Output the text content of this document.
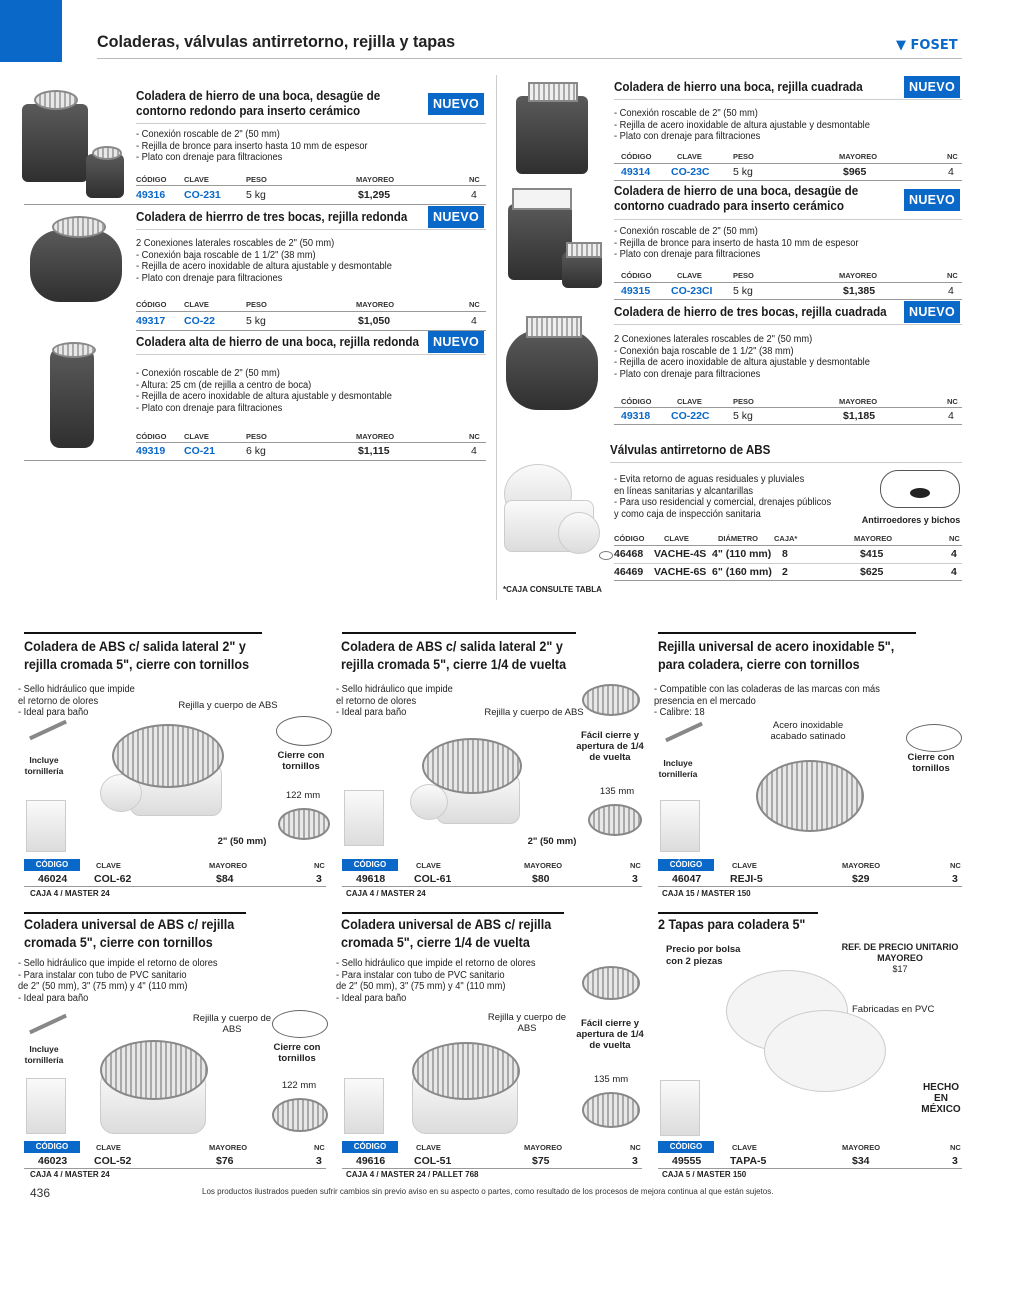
Coladeras, válvulas antirretorno, rejilla y tapas	▼ FOSET
Coladera de hierro de una boca, desagüe de
contorno redondo para inserto cerámico	NUEVO
- Conexión roscable de 2" (50 mm)
- Rejilla de bronce para inserto hasta 10 mm de espesor
- Plato con drenaje para filtraciones
CÓDIGO CLAVE	PESO	MAYOREO	NC
49316 CO-231 5 kg	$1,295	4
Coladera de hierrro de tres bocas, rejilla redonda	NUEVO
2 Conexiones laterales roscables de 2" (50 mm)
- Conexión baja roscable de 1 1/2" (38 mm)
- Rejilla de acero inoxidable de altura ajustable y desmontable
- Plato con drenaje para filtraciones
CÓDIGO CLAVE	PESO	MAYOREO	NC
49317 CO-22	5 kg	$1,050	4
Coladera alta de hierro de una boca, rejilla redonda	NUEVO
- Conexión roscable de 2" (50 mm)
- Altura: 25 cm (de rejilla a centro de boca)
- Rejilla de acero inoxidable de altura ajustable y desmontable
- Plato con drenaje para filtraciones
CÓDIGO CLAVE	PESO	MAYOREO	NC
49319 CO-21	6 kg	$1,115	4
Coladera de hierro una boca, rejilla cuadrada	NUEVO
- Conexión roscable de 2" (50 mm)
- Rejilla de acero inoxidable de altura ajustable y desmontable
- Plato con drenaje para filtraciones
CÓDIGO	CLAVE	PESO	MAYOREO	NC
49314 CO-23C 5 kg	$965	4
Coladera de hierro de una boca, desagüe de
contorno cuadrado para inserto cerámico	NUEVO
- Conexión roscable de 2" (50 mm)
- Rejilla de bronce para inserto de hasta 10 mm de espesor
- Plato con drenaje para filtraciones
CÓDIGO	CLAVE	PESO	MAYOREO	NC
49315 CO-23CI 5 kg	$1,385	4
Coladera de hierro de tres bocas, rejilla cuadrada	NUEVO
2 Conexiones laterales roscables de 2" (50 mm)
- Conexión baja roscable de 1 1/2" (38 mm)
- Rejilla de acero inoxidable de altura ajustable y desmontable
- Plato con drenaje para filtraciones
CÓDIGO	CLAVE	PESO	MAYOREO	NC
49318 CO-22C 5 kg	$1,185	4
Válvulas antirretorno de ABS
- Evita retorno de aguas residuales y pluviales
en líneas sanitarias y alcantarillas
- Para uso residencial y comercial, drenajes públicos
y como caja de inspección sanitaria
Antirroedores y bichos
CÓDIGO	CLAVE	DIÁMETRO CAJA*	MAYOREO	NC
46468 VACHE-4S 4" (110 mm) 8	$415	4
46469 VACHE-6S 6" (160 mm) 2	$625	4
*CAJA CONSULTE TABLA
Coladera de ABS c/ salida lateral 2" y
rejilla cromada 5", cierre con tornillos
- Sello hidráulico que impide
el retorno de olores
- Ideal para baño
Rejilla y cuerpo de ABS
Incluye tornillería
Cierre con tornillos
122 mm
2" (50 mm)
CÓDIGO	CLAVE	MAYOREO	NC
46024	COL-62	$84	3
CAJA 4 / MASTER 24
Coladera de ABS c/ salida lateral 2" y
rejilla cromada 5", cierre 1/4 de vuelta
- Sello hidráulico que impide
el retorno de olores
- Ideal para baño	Rejilla y cuerpo de ABS
Fácil cierre y apertura de 1/4 de vuelta
135 mm
2" (50 mm)
CÓDIGO	CLAVE	MAYOREO	NC
49618	COL-61	$80	3
CAJA 4 / MASTER 24
Rejilla universal de acero inoxidable 5",
para coladera, cierre con tornillos
- Compatible con las coladeras de las marcas con más
presencia en el mercado
- Calibre: 18
Acero inoxidable acabado satinado
Incluye tornillería
Cierre con tornillos
CÓDIGO	CLAVE	MAYOREO	NC
46047	REJI-5	$29	3
CAJA 15 / MASTER 150
Coladera universal de ABS c/ rejilla
cromada 5", cierre con tornillos
- Sello hidráulico que impide el retorno de olores
- Para instalar con tubo de PVC sanitario
de 2" (50 mm), 3" (75 mm) y 4" (110 mm)
- Ideal para baño
Rejilla y cuerpo de ABS
Incluye tornillería
Cierre con tornillos
122 mm
CÓDIGO	CLAVE	MAYOREO	NC
46023	COL-52	$76	3
CAJA 4 / MASTER 24
Coladera universal de ABS c/ rejilla
cromada 5", cierre 1/4 de vuelta
- Sello hidráulico que impide el retorno de olores
- Para instalar con tubo de PVC sanitario
de 2" (50 mm), 3" (75 mm) y 4" (110 mm)
- Ideal para baño
Rejilla y cuerpo de ABS	Fácil cierre y apertura de 1/4 de vuelta
135 mm
CÓDIGO	CLAVE	MAYOREO	NC
49616	COL-51	$75	3
CAJA 4 / MASTER 24 / PALLET 768
2 Tapas para coladera 5"
Precio por bolsa
con 2 piezas
REF. DE PRECIO UNITARIO
MAYOREO
$17
Fabricadas en PVC
HECHO EN MÉXICO
CÓDIGO	CLAVE	MAYOREO	NC
49555	TAPA-5	$34	3
CAJA 5 / MASTER 150
436	Los productos ilustrados pueden sufrir cambios sin previo aviso en su aspecto o partes, como resultado de los procesos de mejora continua al que están sujetos.
